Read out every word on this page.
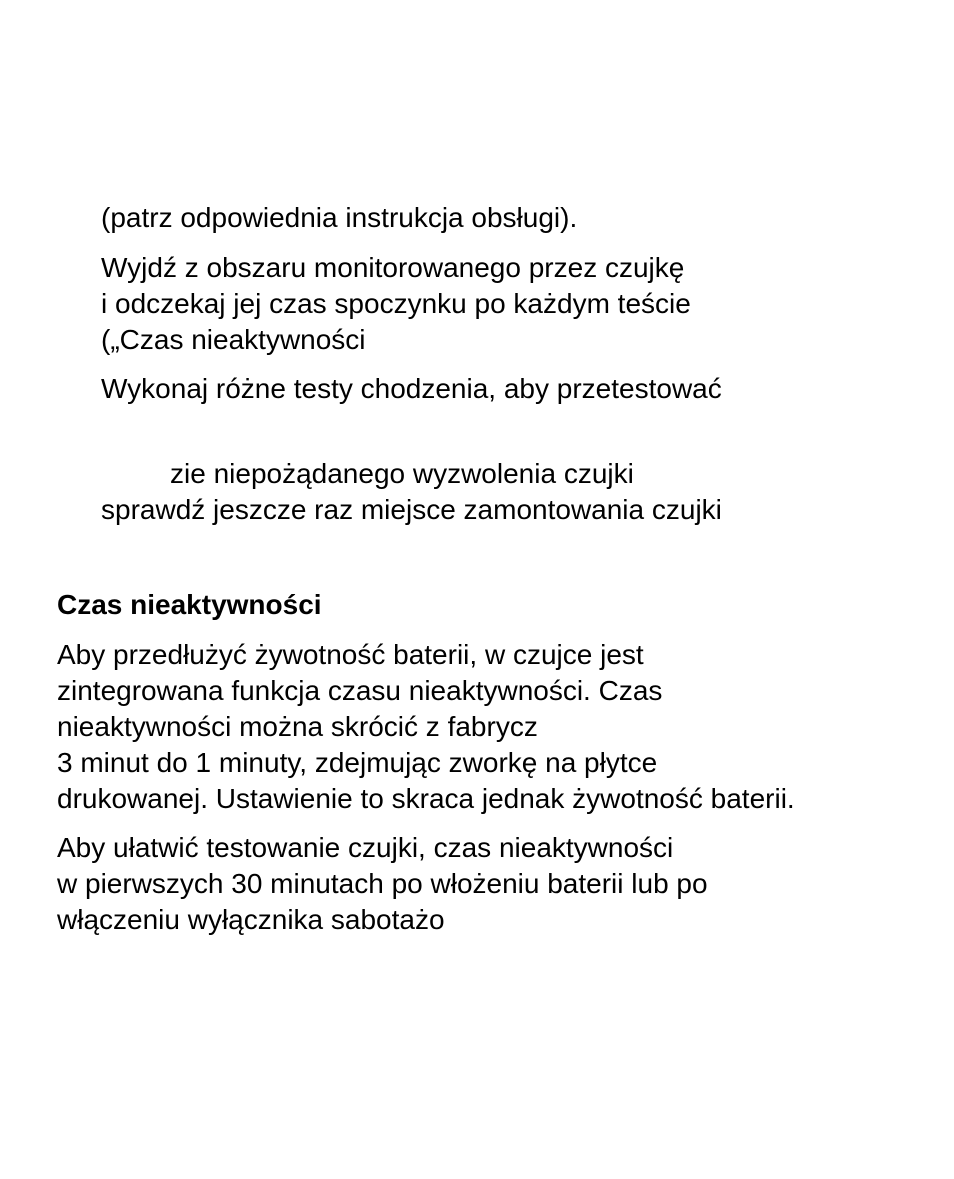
(patrz odpowiednia instrukcja obsługi).
Wyjdź z obszaru monitorowanego przez czujkę
i odczekaj jej czas spoczynku po każdym teście
(„Czas nieaktywności
Wykonaj różne testy chodzenia, aby przetestować
zie niepożądanego wyzwolenia czujki
sprawdź jeszcze raz miejsce zamontowania czujki
Czas nieaktywności
Aby przedłużyć żywotność baterii, w czujce jest
zintegrowana funkcja czasu nieaktywności. Czas
nieaktywności można skrócić z fabrycz
3 minut do 1 minuty, zdejmując zworkę na płytce
drukowanej. Ustawienie to skraca jednak żywotność baterii.
Aby ułatwić testowanie czujki, czas nieaktywności
w pierwszych 30 minutach po włożeniu baterii lub po
włączeniu wyłącznika sabotażo
